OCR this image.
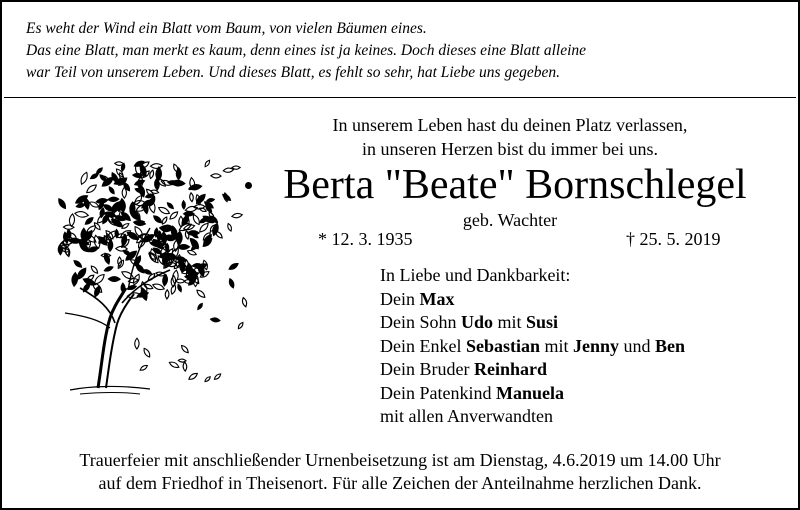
Es weht der Wind ein Blatt vom Baum, von vielen Bäumen eines.
Das eine Blatt, man merkt es kaum, denn eines ist ja keines. Doch dieses eine Blatt alleine
war Teil von unserem Leben. Und dieses Blatt, es fehlt so sehr, hat Liebe uns gegeben.
In unserem Leben hast du deinen Platz verlassen,
in unseren Herzen bist du immer bei uns.
Berta "Beate" Bornschlegel
geb. Wachter
* 12. 3. 1935	† 25. 5. 2019
In Liebe und Dankbarkeit:
Dein Max
Dein Sohn Udo mit Susi
Dein Enkel Sebastian mit Jenny und Ben
Dein Bruder Reinhard
Dein Patenkind Manuela
mit allen Anverwandten
Trauerfeier mit anschließender Urnenbeisetzung ist am Dienstag, 4.6.2019 um 14.00 Uhr
auf dem Friedhof in Theisenort. Für alle Zeichen der Anteilnahme herzlichen Dank.
